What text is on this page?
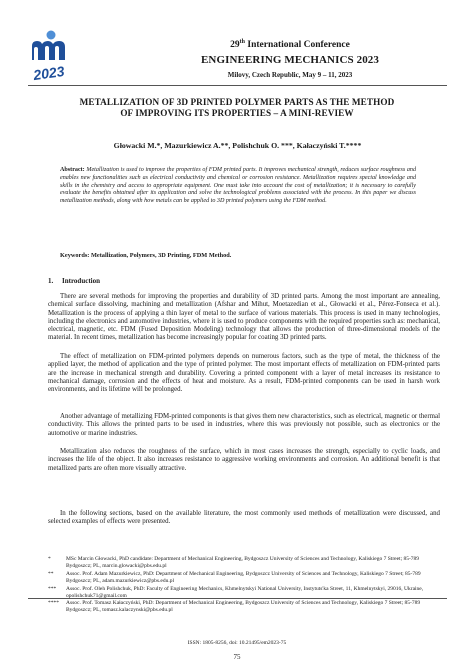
2023
29th International Conference
ENGINEERING MECHANICS 2023
Milovy, Czech Republic, May 9 – 11, 2023
METALLIZATION OF 3D PRINTED POLYMER PARTS AS THE METHOD
OF IMPROVING ITS PROPERTIES – A MINI-REVIEW
Głowacki M.*, Mazurkiewicz A.**, Polishchuk O. ***, Kałaczyński T.****
Abstract: Metallization is used to improve the properties of FDM printed parts. It improves mechanical strength, reduces surface roughness and enables new functionalities such as electrical conductivity and chemical or corrosion resistance. Metallization requires special knowledge and skills in the chemistry and access to appropriate equipment. One must take into account the cost of metallization; it is necessary to carefully evaluate the benefits obtained after its application and solve the technological problems associated with the process. In this paper we discuss metallization methods, along with how metals can be applied to 3D printed polymers using the FDM method.
Keywords: Metallization, Polymers, 3D Printing, FDM Method.
1. Introduction

There are several methods for improving the properties and durability of 3D printed parts. Among the most important are annealing, chemical surface dissolving, machining and metallization (Afshar and Mihut, Moetazedian et al., Głowacki et al., Pérez-Fonseca et al.). Metallization is the process of applying a thin layer of metal to the surface of various materials. This process is used in many technologies, including the electronics and automotive industries, where it is used to produce components with the required properties such as: mechanical, electrical, magnetic, etc. FDM (Fused Deposition Modeling) technology that allows the production of three-dimensional models of the material. In recent times, metallization has become increasingly popular for coating 3D printed parts.

The effect of metallization on FDM-printed polymers depends on numerous factors, such as the type of metal, the thickness of the applied layer, the method of application and the type of printed polymer. The most important effects of metallization on FDM-printed parts are the increase in mechanical strength and durability. Covering a printed component with a layer of metal increases its resistance to mechanical damage, corrosion and the effects of heat and moisture. As a result, FDM-printed components can be used in harsh work environments, and its lifetime will be prolonged.

Another advantage of metallizing FDM-printed components is that gives them new characteristics, such as electrical, magnetic or thermal conductivity. This allows the printed parts to be used in industries, where this was previously not possible, such as electronics or the automotive or marine industries.

Metallization also reduces the roughness of the surface, which in most cases increases the strength, especially to cyclic loads, and increases the life of the object. It also increases resistance to aggressive working environments and corrosion. An additional benefit is that metallized parts are often more visually attractive.

In the following sections, based on the available literature, the most commonly used methods of metallization were discussed, and selected examples of effects were presented.

*	MSc Marcin Głowacki, PhD candidate: Department of Mechanical Engineering, Bydgoszcz University of Sciences and Technology, Kaliskiego 7 Street; 85-789 Bydgoszcz; PL, marcin.glowacki@pbs.edu.pl
**	Assoc. Prof. Adam Mazurkiewicz, PhD: Department of Mechanical Engineering, Bydgoszcz University of Sciences and Technology, Kaliskiego 7 Street; 85-789 Bydgoszcz; PL, adam.mazurkiewicz@pbs.edu.pl
***	Assoc. Prof. Oleh Polishchuk, PhD: Faculty of Engineering Mechanics, Khmelnytskyi National University, Instytuts'ka Street, 11, Khmelnytskyi, 29016, Ukraine, opolishchuk71@gmail.com
****	Assoc. Prof. Tomasz Kałaczyński, PhD: Department of Mechanical Engineering, Bydgoszcz University of Sciences and Technology, Kaliskiego 7 Street; 85-789 Bydgoszcz; PL, tomasz.kalaczynski@pbs.edu.pl
ISSN: 1805-8256, doi: 10.21495/em2023-75
75
